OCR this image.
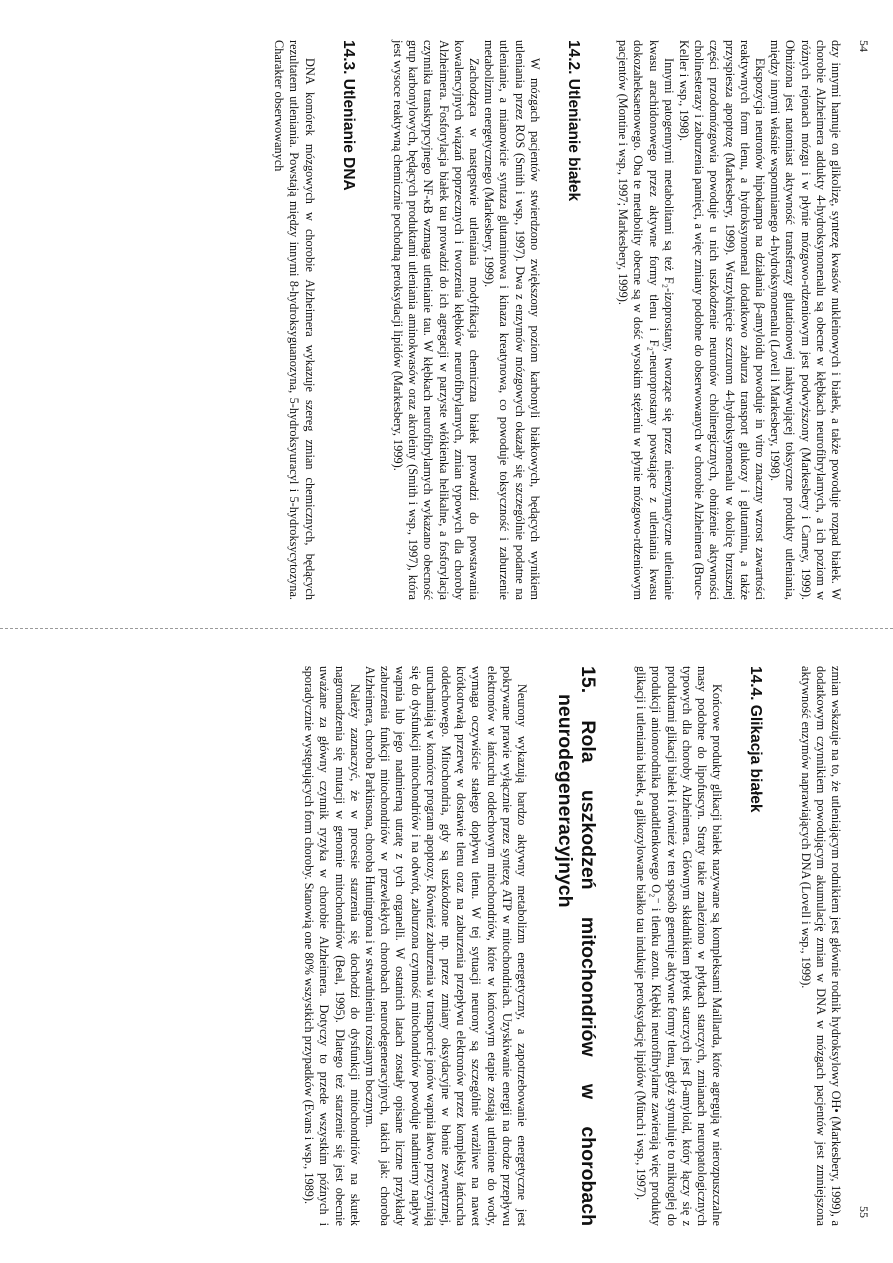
54
55

dzy innymi hamuje on glikolizę, syntezę kwasów nukleinowych i białek, a także powoduje rozpad białek. W chorobie Alzheimera addukty 4-hydroksynonenalu są obecne w kłębkach neurofibrylarnych, a ich poziom w różnych rejonach mózgu i w płynie mózgowo-rdzeniowym jest podwyższony (Markesbery i Carney, 1999). Obniżona jest natomiast aktywność transferazy glutationowej inaktywującej toksyczne produkty utleniania, między innymi właśnie wspomnianego 4-hydroksynonenalu (Lovell i Markesbery, 1998).

Ekspozycja neuronów hipokampa na działania β-amyloidu powoduje in vitro znaczny wzrost zawartości reaktywnych form tlenu, a hydroksynonenal dodatkowo zaburza transport glukozy i glutaminu, a także przyspiesza apoptozę (Markesbery, 1999). Wstrzyknięcie szczurom 4-hydroksynonenalu w okolicę brzusznej części przodomózgowia powoduje u nich uszkodzenie neuronów cholinergicznych, obniżenie aktywności cholinesterazy i zaburzenia pamięci, a więc zmiany podobne do obserwowanych w chorobie Alzheimera (Bruce-Keller i wsp., 1998).

Innymi patogennymi metabolitami są też F₂-izoprostany, tworzące się przez nieenzymatyczne utlenianie kwasu arachidonowego przez aktywne formy tlenu i F₂-neuroprostany powstające z utleniania kwasu dokozaheksaenowego. Oba te metabolity obecne są w dość wysokim stężeniu w płynie mózgowo-rdzeniowym pacjentów (Montine i wsp., 1997; Markesbery, 1999).

14.2. Utlenianie białek

W mózgach pacjentów stwierdzono zwiększony poziom karbonyli białkowych, będących wynikiem utleniania przez ROS (Smith i wsp., 1997). Dwa z enzymów mózgowych okazały się szczególnie podatne na utlenianie, a mianowicie syntaza glutaminowa i kinaza kreatynowa, co powoduje toksyczność i zaburzenie metabolizmu energetycznego (Markesbery, 1999).

Zachodząca w następstwie utleniania modyfikacja chemiczna białek prowadzi do powstawania kowalencyjnych wiązań poprzecznych i tworzenia kłębków neurofibrylarnych, zmian typowych dla choroby Alzheimera. Fosforylacja białek tau prowadzi do ich agregacji w parzyste włókienka helikalne, a fosforylacja czynnika transkrypcyjnego NF-κB wzmaga utlenianie tau. W kłębkach neurofibrylarnych wykazano obecność grup karbonylowych, będących produktami utleniania aminokwasów oraz akroleiny (Smith i wsp., 1997), która jest wysoce reaktywną chemicznie pochodną peroksydacji lipidów (Markesbery, 1999).

14.3. Utlenianie DNA

DNA komórek mózgowych w chorobie Alzheimera wykazuje szereg zmian chemicznych, będących rezultatem utleniania. Powstają między innymi 8-hydroksyguanozyna, 5-hydroksyuracyl i 5-hydroksycytozyna. Charakter obserwowanych

zmian wskazuje na to, że utleniającym rodnikiem jest głównie rodnik hydroksylowy OH• (Markesbery, 1999), a dodatkowym czynnikiem powodującym akumulację zmian w DNA w mózgach pacjentów jest zmniejszona aktywność enzymów naprawiających DNA (Lovell i wsp., 1999).

14.4. Glikacja białek

Końcowe produkty glikacji białek nazywane są kompleksami Maillarda, które agregują w nierozpuszczalne masy podobne do lipofuscyn. Straty takie znaleziono w płytkach starczych, zmianach neuropatologicznych typowych dla choroby Alzheimera. Głównym składnikiem płytek starczych jest β-amyloid, który łączy się z produktami glikacji białek i również w ten sposób generuje aktywne formy tlenu, gdyż stymuluje to mikroglej do produkcji anionorodnika ponadtlenkowego O₂⁻ i tlenku azotu. Kłębki neurofibrylarne zawierają więc produkty glikacji i utleniania białek, a glikozylowane białko tau indukuje peroksydację lipidów (Münch i wsp., 1997).

15. Rola uszkodzeń mitochondriów w chorobach neurodegeneracyjnych

Neurony wykazują bardzo aktywny metabolizm energetyczny, a zapotrzebowanie energetyczne jest pokrywane prawie wyłącznie przez syntezę ATP w mitochondriach. Uzyskiwanie energii na drodze przepływu elektronów w łańcuchu oddechowym mitochondriów, które w końcowym etapie zostają utlenione do wody, wymaga oczywiście stałego dopływu tlenu. W tej sytuacji neurony są szczególnie wrażliwe na nawet krótkotrwałą przerwę w dostawie tlenu oraz na zaburzenia przepływu elektronów przez kompleksy łańcucha oddechowego. Mitochondria, gdy są uszkodzone np. przez zmiany oksydacyjne w błonie zewnętrznej, uruchamiają w komórce program apoptozy. Również zaburzenia w transporcie jonów wapnia łatwo przyczyniają się do dysfunkcji mitochondriów i na odwrót, zaburzona czynność mitochondriów powoduje nadmierny napływ wapnia lub jego nadmierną utratę z tych organelli. W ostatnich latach zostały opisane liczne przykłady zaburzenia funkcji mitochondriów w przewlekłych chorobach neurodegeneracyjnych, takich jak: choroba Alzheimera, choroba Parkinsona, choroba Huntingtona i w stwardnieniu rozsianym bocznym.

Należy zaznaczyć, że w procesie starzenia się dochodzi do dysfunkcji mitochondriów na skutek nagromadzenia się mutacji w genomie mitochondriów (Beal, 1995). Dlatego też starzenie się jest obecnie uważane za główny czynnik ryzyka w chorobie Alzheimera. Dotyczy to przede wszystkim późnych i sporadycznie występujących form choroby. Stanowią one 80% wszystkich przypadków (Evans i wsp., 1989).
